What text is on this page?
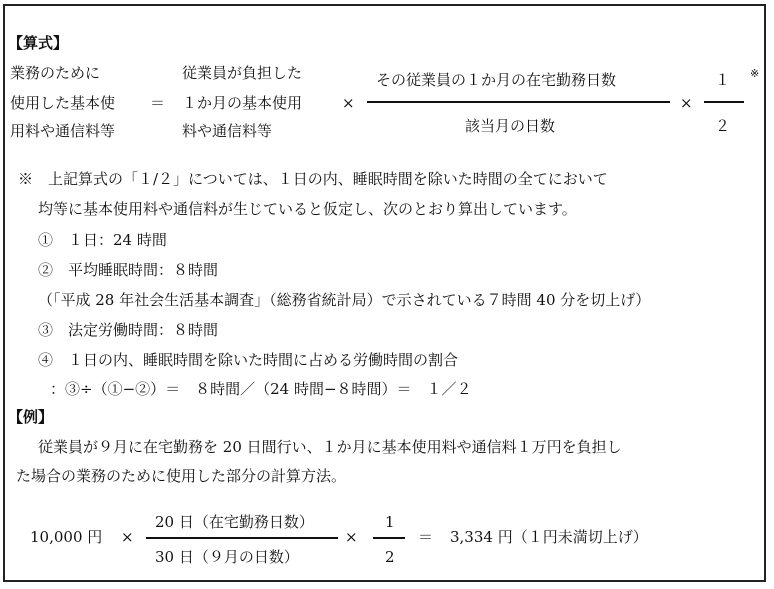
【算式】
業務のために
使用した基本使
用料や通信料等
＝
従業員が負担した
１か月の基本使用
料や通信料等
×
その従業員の１か月の在宅勤務日数
該当月の日数
×
１
２
※
※　上記算式の「１/２」については、１日の内、睡眠時間を除いた時間の全てにおいて
均等に基本使用料や通信料が生じていると仮定し、次のとおり算出しています。
①　１日：24 時間
②　平均睡眠時間：８時間
（「平成 28 年社会生活基本調査」（総務省統計局）で示されている７時間 40 分を切上げ）
③　法定労働時間：８時間
④　１日の内、睡眠時間を除いた時間に占める労働時間の割合
：③÷（①−②）＝　８時間／（24 時間−８時間）＝　１／２
【例】
従業員が９月に在宅勤務を 20 日間行い、１か月に基本使用料や通信料１万円を負担し
た場合の業務のために使用した部分の計算方法。
10,000 円 ×
20 日（在宅勤務日数）
30 日（９月の日数）
×
1
2
＝ 3,334 円（１円未満切上げ）
